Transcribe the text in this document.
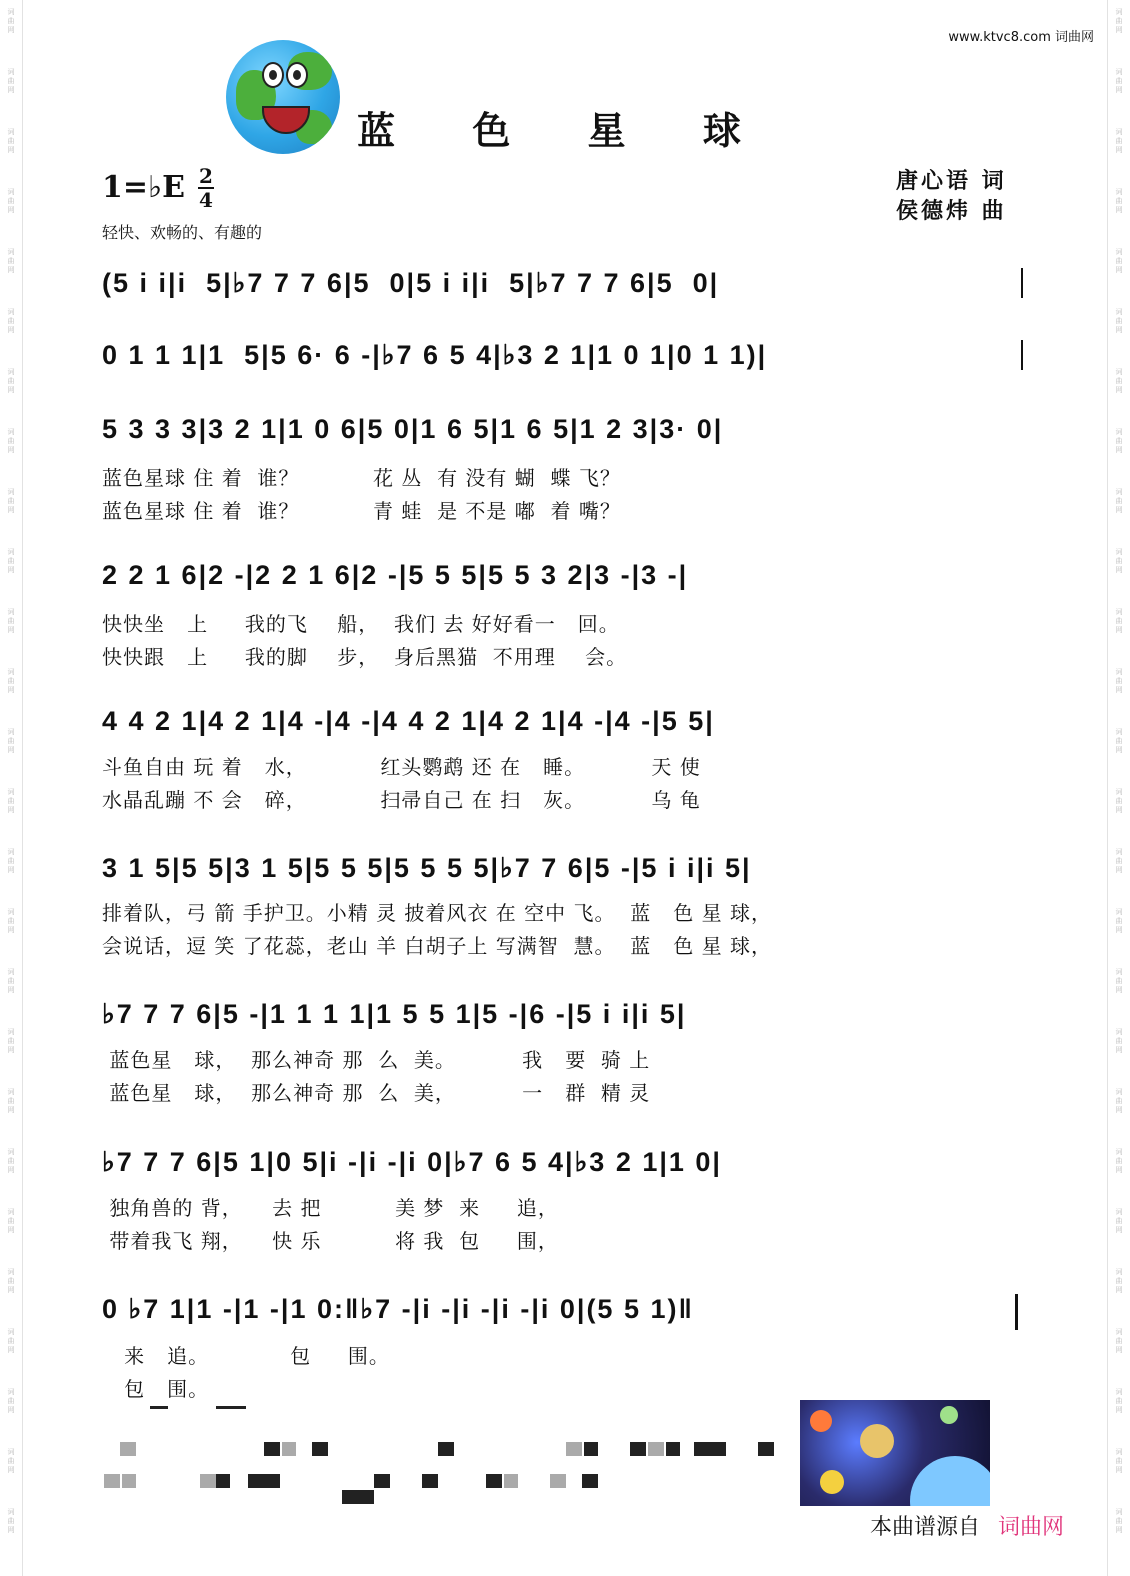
词
曲
网
词
曲
网
词
曲
网
词
曲
网
词
曲
网
词
曲
网
词
曲
网
词
曲
网
词
曲
网
词
曲
网
词
曲
网
词
曲
网
词
曲
网
词
曲
网
词
曲
网
词
曲
网
词
曲
网
词
曲
网
词
曲
网
词
曲
网
词
曲
网
词
曲
网
词
曲
网
词
曲
网
词
曲
网
词
曲
网
词
曲
网
词
曲
网
词
曲
网
词
曲
网
词
曲
网
词
曲
网
词
曲
网
词
曲
网
词
曲
网
词
曲
网
词
曲
网
词
曲
网
词
曲
网
词
曲
网
词
曲
网
词
曲
网
词
曲
网
词
曲
网
词
曲
网
词
曲
网
词
曲
网
词
曲
网
词
曲
网
词
曲
网
词
曲
网
词
曲
网
www.ktvc8.com 词曲网
蓝 色 星 球
1=♭E 2
4
轻快、欢畅的、有趣的
唐心语 词
侯德炜 曲
(5 i i|i  5|♭7 7 7 6|5  0|5 i i|i  5|♭7 7 7 6|5  0|
0 1 1 1|1  5|5 6· 6 -|♭7 6 5 4|♭3 2 1|1 0 1|0 1 1)|
5 3 3 3|3 2 1|1 0 6|5 0|1 6 5|1 6 5|1 2 3|3· 0|
蓝色星球 住 着  谁？          花 丛  有 没有 蝴  蝶 飞？
蓝色星球 住 着  谁？          青 蛙  是 不是 嘟  着 嘴？
2 2 1 6|2 -|2 2 1 6|2 -|5 5 5|5 5 3 2|3 -|3 -|
快快坐   上     我的飞    船，  我们 去 好好看一   回。
快快跟   上     我的脚    步，  身后黑猫  不用理    会。
4 4 2 1|4 2 1|4 -|4 -|4 4 2 1|4 2 1|4 -|4 -|5 5|
斗鱼自由 玩 着   水，          红头鹦鹉 还 在   睡。         天 使
水晶乱蹦 不 会   碎，          扫帚自己 在 扫   灰。         乌 龟
3 1 5|5 5|3 1 5|5 5 5|5 5 5 5|♭7 7 6|5 -|5 i i|i 5|
排着队，弓 箭 手护卫。小精 灵 披着风衣 在 空中 飞。  蓝   色 星 球，
会说话，逗 笑 了花蕊，老山 羊 白胡子上 写满智  慧。  蓝   色 星 球，
♭7 7 7 6|5 -|1 1 1 1|1 5 5 1|5 -|6 -|5 i i|i 5|
蓝色星   球，  那么神奇 那  么  美。         我   要  骑 上
蓝色星   球，  那么神奇 那  么  美，         一   群  精 灵
♭7 7 7 6|5 1|0 5|i -|i -|i 0|♭7 6 5 4|♭3 2 1|1 0|
独角兽的 背，    去 把          美 梦  来     追，
带着我飞 翔，    快 乐          将 我  包     围，
0 ♭7 1|1 -|1 -|1 0:‖♭7 -|i -|i -|i -|i 0|(5 5 1)‖
来   追。           包     围。
包   围。
本曲谱源自 词曲网
